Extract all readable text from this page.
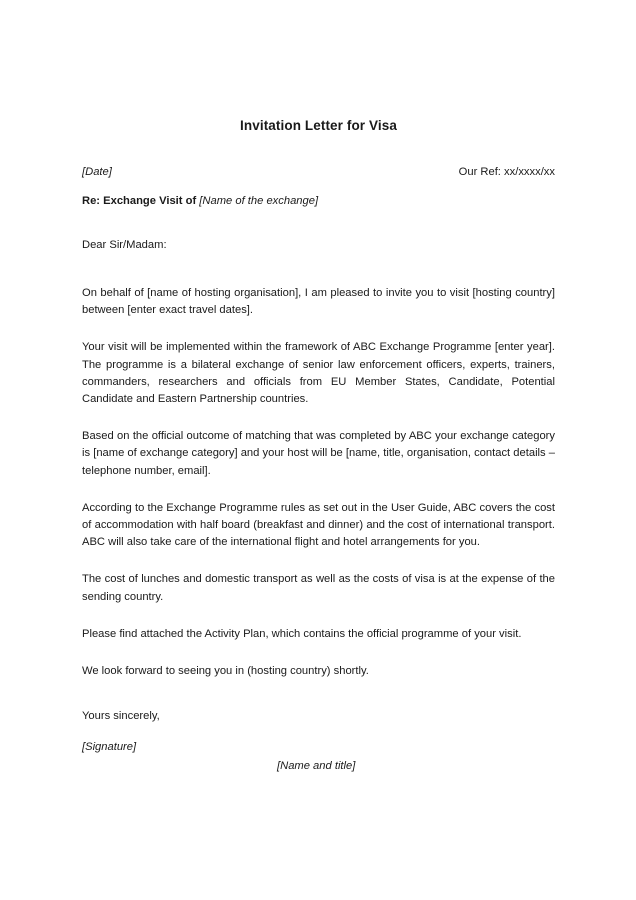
Invitation Letter for Visa
[Date]	Our Ref: xx/xxxx/xx
Re: Exchange Visit of [Name of the exchange]
Dear Sir/Madam:

On behalf of [name of hosting organisation], I am pleased to invite you to visit [hosting country] between [enter exact travel dates].

Your visit will be implemented within the framework of ABC Exchange Programme [enter year]. The programme is a bilateral exchange of senior law enforcement officers, experts, trainers, commanders, researchers and officials from EU Member States, Candidate, Potential Candidate and Eastern Partnership countries.

Based on the official outcome of matching that was completed by ABC your exchange category is [name of exchange category] and your host will be [name, title, organisation, contact details – telephone number, email].

According to the Exchange Programme rules as set out in the User Guide, ABC covers the cost of accommodation with half board (breakfast and dinner) and the cost of international transport. ABC will also take care of the international flight and hotel arrangements for you.

The cost of lunches and domestic transport as well as the costs of visa is at the expense of the sending country.

Please find attached the Activity Plan, which contains the official programme of your visit.

We look forward to seeing you in (hosting country) shortly.

Yours sincerely,
[Signature]
[Name and title]
